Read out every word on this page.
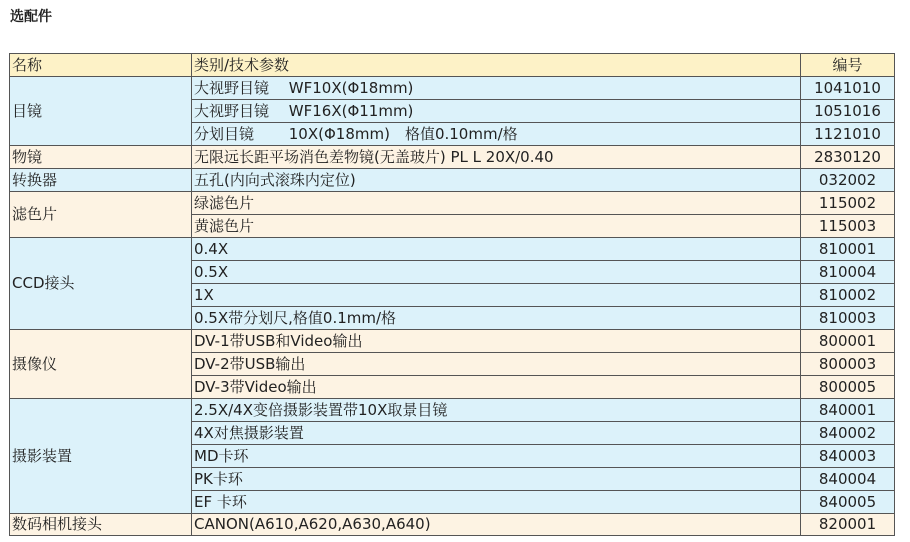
选配件
名称	类别/技术参数	编号
目镜	大视野目镜　 WF10X(Φ18mm)	1041010
	大视野目镜　 WF16X(Φ11mm)	1051016
	分划目镜　　 10X(Φ18mm)　格值0.10mm/格	1121010
物镜	无限远长距平场消色差物镜(无盖玻片) PL L 20X/0.40	2830120
转换器	五孔(内向式滚珠内定位)	032002
滤色片	绿滤色片	115002
	黄滤色片	115003
CCD接头	0.4X	810001
	0.5X	810004
	1X	810002
	0.5X带分划尺,格值0.1mm/格	810003
摄像仪	DV-1带USB和Video输出	800001
	DV-2带USB输出	800003
	DV-3带Video输出	800005
摄影装置	2.5X/4X变倍摄影装置带10X取景目镜	840001
	4X对焦摄影装置	840002
	MD卡环	840003
	PK卡环	840004
	EF 卡环	840005
数码相机接头	CANON(A610,A620,A630,A640)	820001
